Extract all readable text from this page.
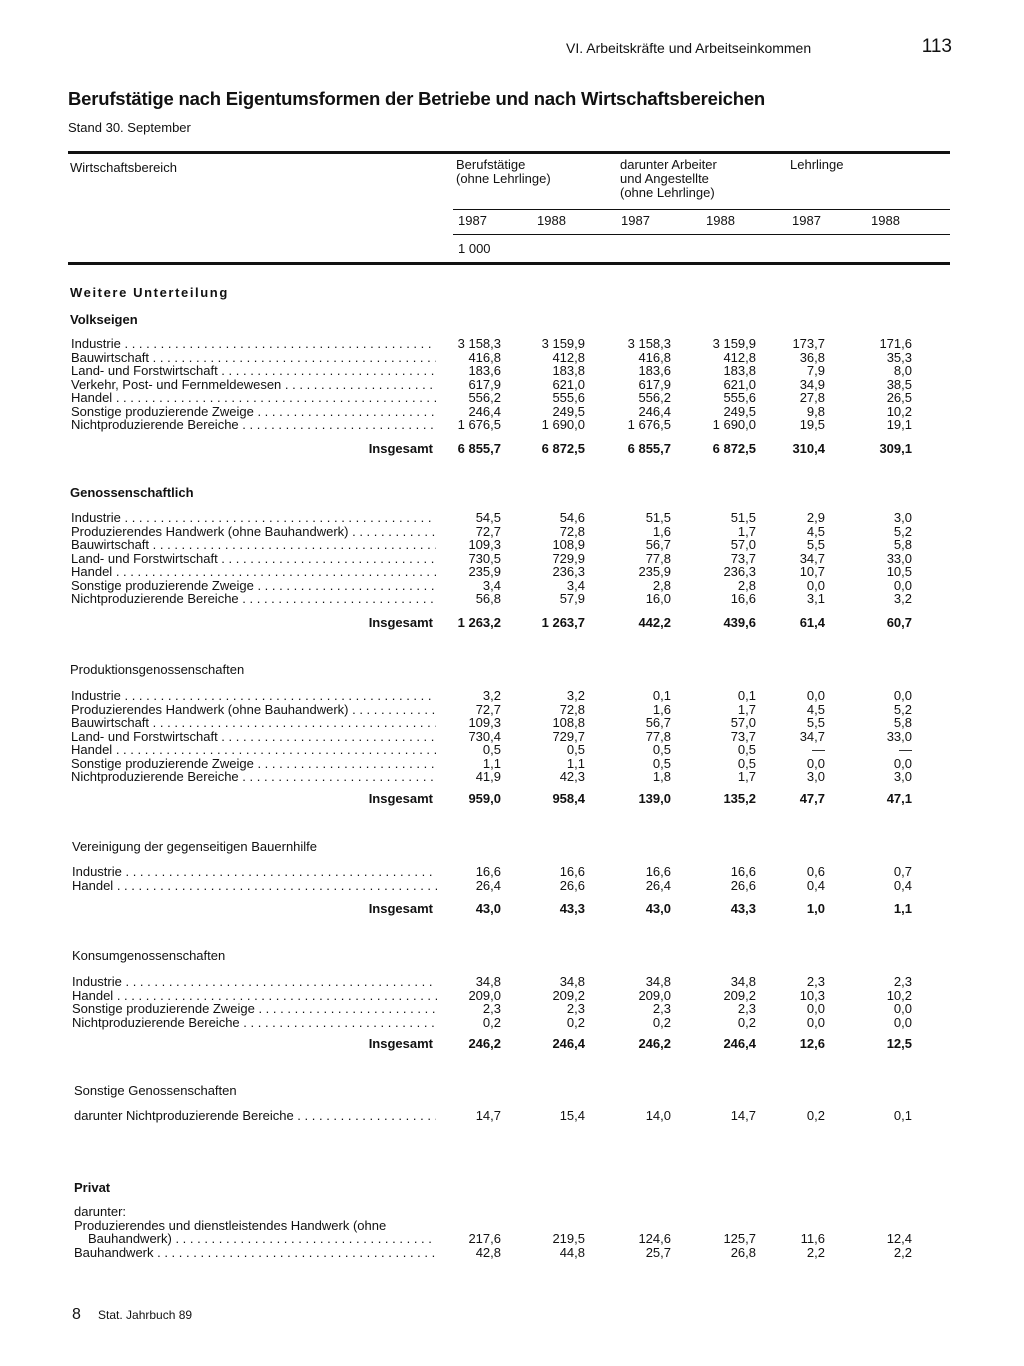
VI. Arbeitskräfte und Arbeitseinkommen	113
Berufstätige nach Eigentumsformen der Betriebe und nach Wirtschaftsbereichen
Stand 30. September
Wirtschaftsbereich	Berufstätige
(ohne Lehrlinge)
darunter Arbeiter
und Angestellte
(ohne Lehrlinge)
Lehrlinge
1987	1988	1987	1988	1987	1988
1 000
Weitere Unterteilung
Volkseigen
Industrie . . .	3 158,3	3 159,9	3 158,3	3 159,9	173,7	171,6
Bauwirtschaft . . .	416,8	412,8	416,8	412,8	36,8	35,3
Land- und Forstwirtschaft . . .	183,6	183,8	183,6	183,8	7,9	8,0
Verkehr, Post- und Fernmeldewesen . . .	617,9	621,0	617,9	621,0	34,9	38,5
Handel . . .	556,2	555,6	556,2	555,6	27,8	26,5
Sonstige produzierende Zweige . . .	246,4	249,5	246,4	249,5	9,8	10,2
Nichtproduzierende Bereiche . . .	1 676,5	1 690,0	1 676,5	1 690,0	19,5	19,1
Insgesamt	6 855,7	6 872,5	6 855,7	6 872,5	310,4	309,1
Genossenschaftlich
Industrie . . .	54,5	54,6	51,5	51,5	2,9	3,0
Produzierendes Handwerk (ohne Bauhandwerk) . . .	72,7	72,8	1,6	1,7	4,5	5,2
Bauwirtschaft . . .	109,3	108,9	56,7	57,0	5,5	5,8
Land- und Forstwirtschaft . . .	730,5	729,9	77,8	73,7	34,7	33,0
Handel . . .	235,9	236,3	235,9	236,3	10,7	10,5
Sonstige produzierende Zweige . . .	3,4	3,4	2,8	2,8	0,0	0,0
Nichtproduzierende Bereiche . . .	56,8	57,9	16,0	16,6	3,1	3,2
Insgesamt	1 263,2	1 263,7	442,2	439,6	61,4	60,7
Produktionsgenossenschaften
Industrie . . .	3,2	3,2	0,1	0,1	0,0	0,0
Produzierendes Handwerk (ohne Bauhandwerk) . . .	72,7	72,8	1,6	1,7	4,5	5,2
Bauwirtschaft . . .	109,3	108,8	56,7	57,0	5,5	5,8
Land- und Forstwirtschaft . . .	730,4	729,7	77,8	73,7	34,7	33,0
Handel . . .	0,5	0,5	0,5	0,5	—	—
Sonstige produzierende Zweige . . .	1,1	1,1	0,5	0,5	0,0	0,0
Nichtproduzierende Bereiche . . .	41,9	42,3	1,8	1,7	3,0	3,0
Insgesamt	959,0	958,4	139,0	135,2	47,7	47,1
Vereinigung der gegenseitigen Bauernhilfe
Industrie . . .	16,6	16,6	16,6	16,6	0,6	0,7
Handel . . .	26,4	26,6	26,4	26,6	0,4	0,4
Insgesamt	43,0	43,3	43,0	43,3	1,0	1,1
Konsumgenossenschaften
Industrie . . .	34,8	34,8	34,8	34,8	2,3	2,3
Handel . . .	209,0	209,2	209,0	209,2	10,3	10,2
Sonstige produzierende Zweige . . .	2,3	2,3	2,3	2,3	0,0	0,0
Nichtproduzierende Bereiche . . .	0,2	0,2	0,2	0,2	0,0	0,0
Insgesamt	246,2	246,4	246,2	246,4	12,6	12,5
Sonstige Genossenschaften
darunter Nichtproduzierende Bereiche . . .	14,7	15,4	14,0	14,7	0,2	0,1
Privat
darunter:
Produzierendes und dienstleistendes Handwerk (ohne
Bauhandwerk) . . .	217,6	219,5	124,6	125,7	11,6	12,4
Bauhandwerk . . .	42,8	44,8	25,7	26,8	2,2	2,2
8 Stat. Jahrbuch 89
